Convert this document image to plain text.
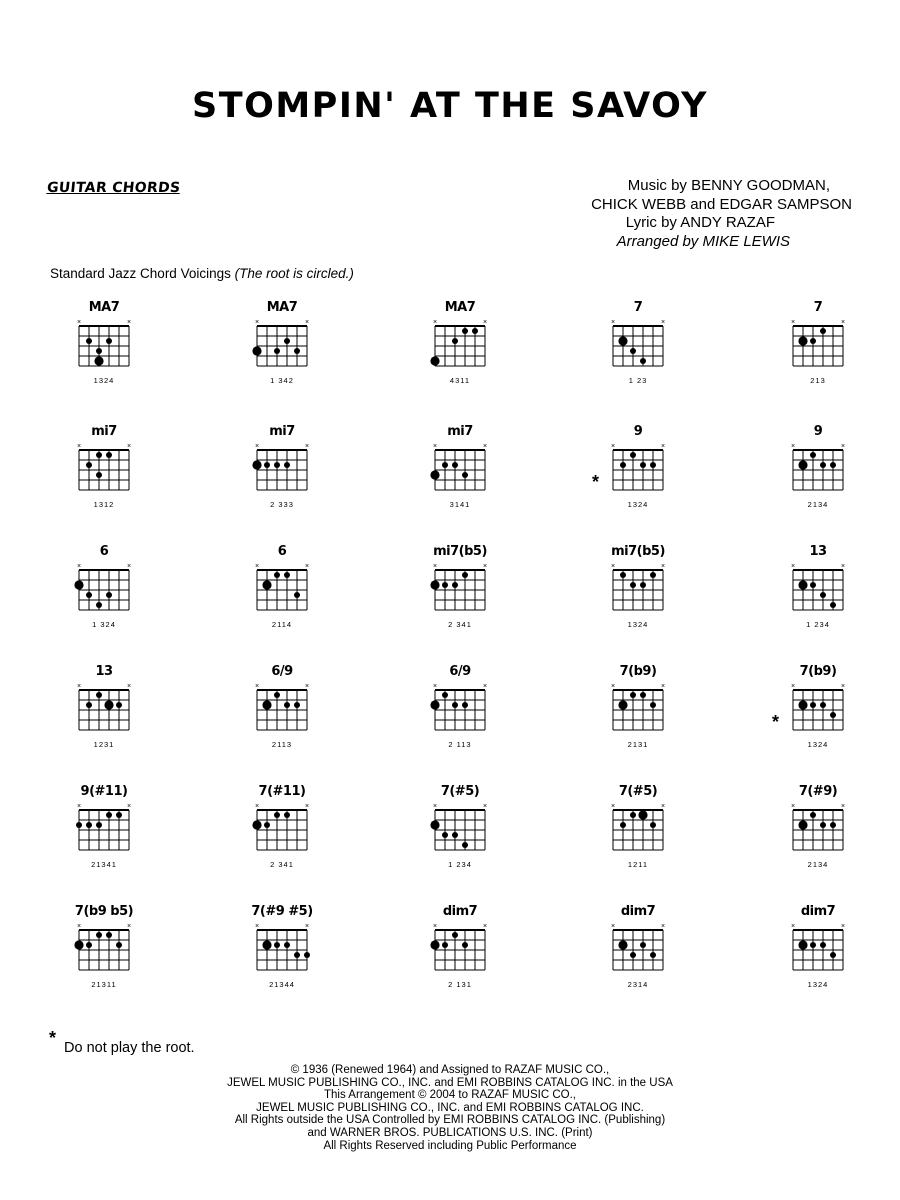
STOMPIN' AT THE SAVOY
GUITAR CHORDS	Music by BENNY GOODMAN,
CHICK WEBB and EDGAR SAMPSON
Lyric by ANDY RAZAF
Arranged by MIKE LEWIS
Standard Jazz Chord Voicings (The root is circled.)
MA7
×	×
1324
MA7
×	×
1 342
MA7
×	×
4311
7
×	×
1 23
7
×	×
213
mi7
×	×
1312
mi7
×	×
2 333
mi7
×	×
3141
9
×	×
1324
*
9
×	×
2134
6
×	×
1 324
6
×	×
2114
mi7(b5)
×	×
2 341
mi7(b5)
×	×
1324
13
×	×
1 234
13
×	×
1231
6/9
×	×
2113
6/9
×	×
2 113
7(b9)
×	×
2131
7(b9)
×	×
1324
*
9(#11)
×	×
21341
7(#11)
×	×
2 341
7(#5)
×	×
1 234
7(#5)
×	×
1211
7(#9)
×	×
2134
7(b9 b5)
×	×
21311
7(#9 #5)
×	×
21344
dim7
×	×
2 131
dim7
×	×
2314
dim7
×	×
1324
* Do not play the root.
© 1936 (Renewed 1964) and Assigned to RAZAF MUSIC CO.,
JEWEL MUSIC PUBLISHING CO., INC. and EMI ROBBINS CATALOG INC. in the USA
This Arrangement © 2004 to RAZAF MUSIC CO.,
JEWEL MUSIC PUBLISHING CO., INC. and EMI ROBBINS CATALOG INC.
All Rights outside the USA Controlled by EMI ROBBINS CATALOG INC. (Publishing)
and WARNER BROS. PUBLICATIONS U.S. INC. (Print)
All Rights Reserved including Public Performance
